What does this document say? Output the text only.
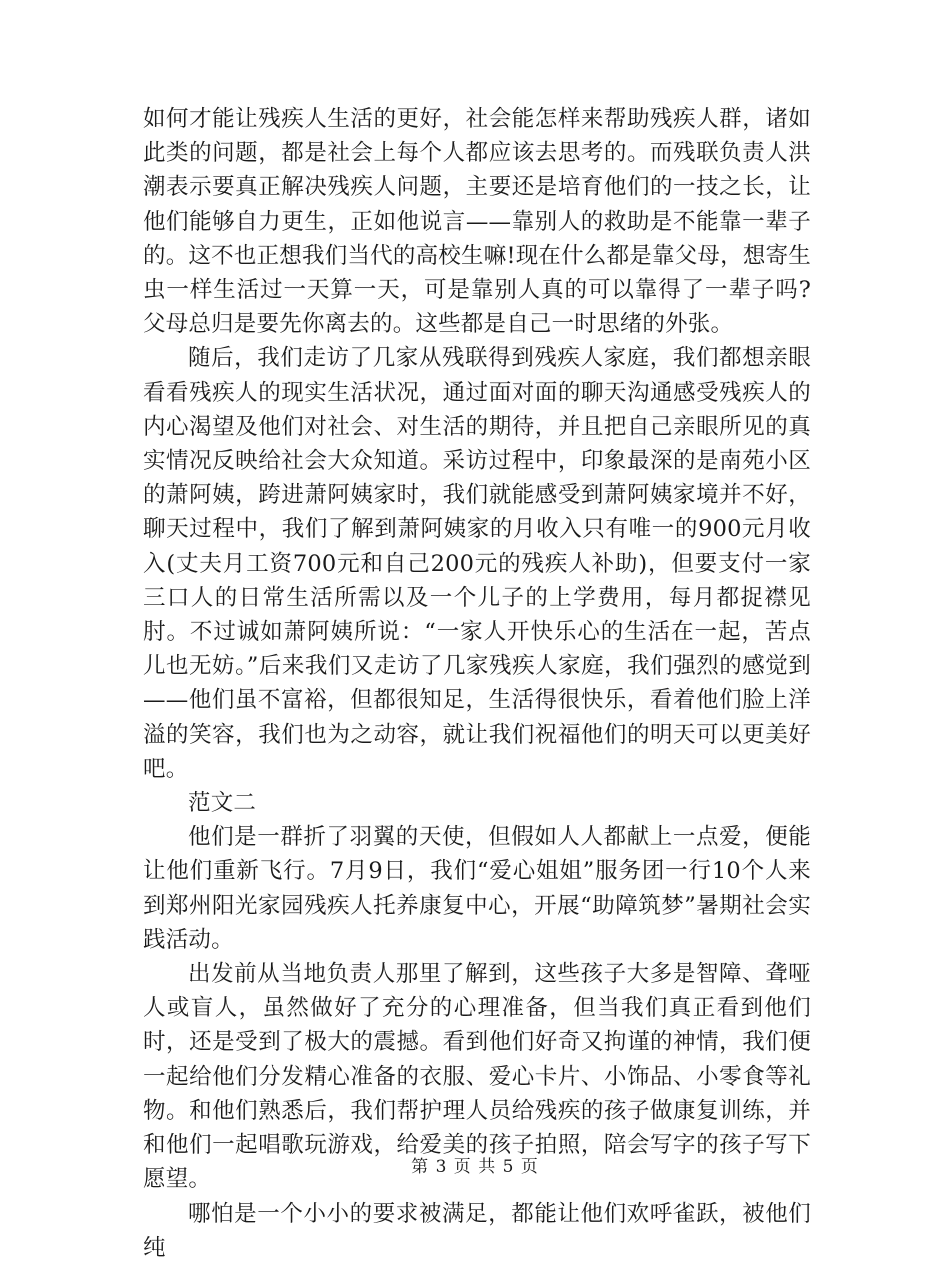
如何才能让残疾人生活的更好，社会能怎样来帮助残疾人群，诸如此类的问题，都是社会上每个人都应该去思考的。而残联负责人洪潮表示要真正解决残疾人问题，主要还是培育他们的一技之长，让他们能够自力更生，正如他说言——靠别人的救助是不能靠一辈子的。这不也正想我们当代的高校生嘛!现在什么都是靠父母，想寄生虫一样生活过一天算一天，可是靠别人真的可以靠得了一辈子吗?父母总归是要先你离去的。这些都是自己一时思绪的外张。

随后，我们走访了几家从残联得到残疾人家庭，我们都想亲眼看看残疾人的现实生活状况，通过面对面的聊天沟通感受残疾人的内心渴望及他们对社会、对生活的期待，并且把自己亲眼所见的真实情况反映给社会大众知道。采访过程中，印象最深的是南苑小区的萧阿姨，跨进萧阿姨家时，我们就能感受到萧阿姨家境并不好，聊天过程中，我们了解到萧阿姨家的月收入只有唯一的900元月收入(丈夫月工资700元和自己200元的残疾人补助)，但要支付一家三口人的日常生活所需以及一个儿子的上学费用，每月都捉襟见肘。不过诚如萧阿姨所说：“一家人开快乐心的生活在一起，苦点儿也无妨。”后来我们又走访了几家残疾人家庭，我们强烈的感觉到——他们虽不富裕，但都很知足，生活得很快乐，看着他们脸上洋溢的笑容，我们也为之动容，就让我们祝福他们的明天可以更美好吧。

范文二

他们是一群折了羽翼的天使，但假如人人都献上一点爱，便能让他们重新飞行。7月9日，我们“爱心姐姐”服务团一行10个人来到郑州阳光家园残疾人托养康复中心，开展“助障筑梦”暑期社会实践活动。

出发前从当地负责人那里了解到，这些孩子大多是智障、聋哑人或盲人，虽然做好了充分的心理准备，但当我们真正看到他们时，还是受到了极大的震撼。看到他们好奇又拘谨的神情，我们便一起给他们分发精心准备的衣服、爱心卡片、小饰品、小零食等礼物。和他们熟悉后，我们帮护理人员给残疾的孩子做康复训练，并和他们一起唱歌玩游戏，给爱美的孩子拍照，陪会写字的孩子写下愿望。

哪怕是一个小小的要求被满足，都能让他们欢呼雀跃，被他们纯

第 3 页 共 5 页
